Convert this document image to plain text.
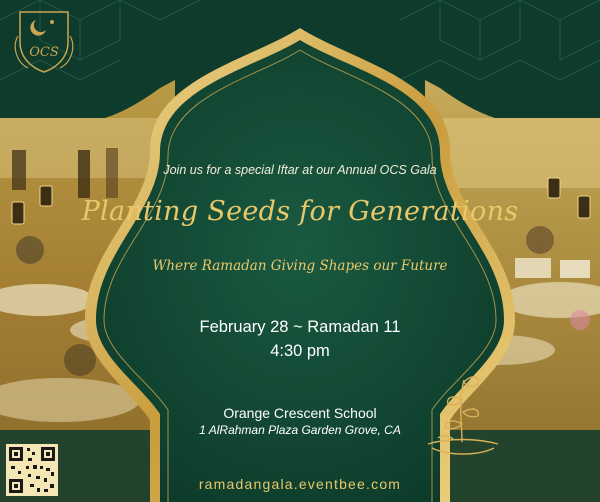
OCS
Join us for a special Iftar at our Annual OCS Gala
Planting Seeds for Generations
Where Ramadan Giving Shapes our Future
February 28 ~ Ramadan 11
4:30 pm
Orange Crescent School
1 AlRahman Plaza Garden Grove, CA
ramadangala.eventbee.com
